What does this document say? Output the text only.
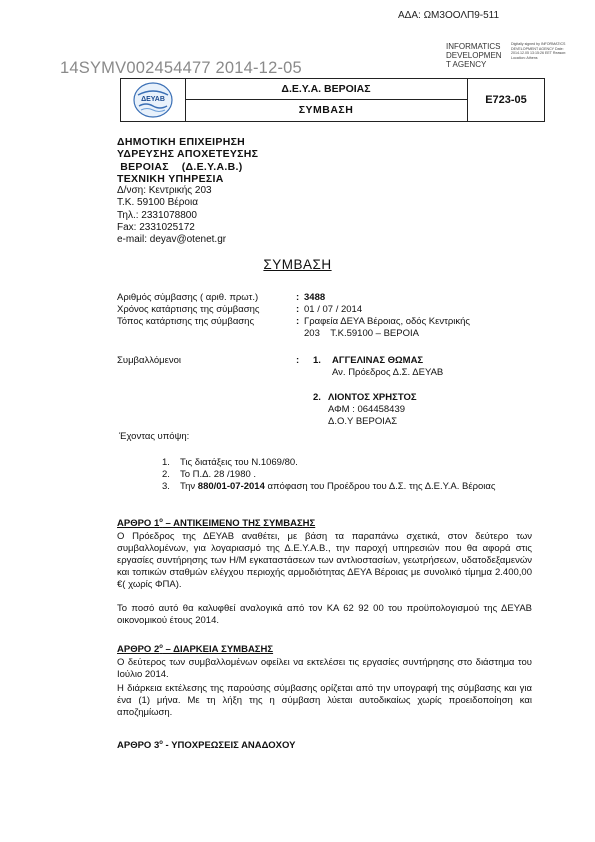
ΑΔΑ: ΩΜ3ΟΟΛΠ9-511
14SYMV002454477 2014-12-05
INFORMATICS DEVELOPMEN T AGENCY
Digitally signed by INFORMATICS DEVELOPMENT AGENCY Date: 2014.12.05 13:15:26 EET Reason: Location: Athens
ΔΕΥΑΒ
Δ.Ε.Υ.Α. ΒΕΡΟΙΑΣ
ΣΥΜΒΑΣΗ
Ε723-05
ΔΗΜΟΤΙΚΗ ΕΠΙΧΕΙΡΗΣΗ
ΥΔΡΕΥΣΗΣ ΑΠΟΧΕΤΕΥΣΗΣ
ΒΕΡΟΙΑΣ    (Δ.Ε.Υ.Α.Β.)
ΤΕΧΝΙΚΗ ΥΠΗΡΕΣΙΑ
Δ/νση: Κεντρικής 203
Τ.Κ. 59100 Βέροια
Τηλ.: 2331078800
Fax: 2331025172
e-mail: deyav@otenet.gr
ΣΥΜΒΑΣΗ
Αριθμός σύμβασης ( αριθ. πρωτ.)	: 3488
Χρόνος κατάρτισης της σύμβασης	: 01 / 07 / 2014
Τόπος κατάρτισης της σύμβασης	: Γραφεία ΔΕΥΑ Βέροιας, οδός Κεντρικής
203    Τ.Κ.59100 – ΒΕΡΟΙΑ
Συμβαλλόμενοι	: 1. ΑΓΓΕΛΙΝΑΣ ΘΩΜΑΣ
Αν. Πρόεδρος Δ.Σ. ΔΕΥΑΒ
2. ΛΙΟΝΤΟΣ ΧΡΗΣΤΟΣ
ΑΦΜ : 064458439
Δ.Ο.Υ ΒΕΡΟΙΑΣ
Έχοντας υπόψη:
1. Τις διατάξεις του Ν.1069/80.
2. Το Π.Δ. 28 /1980 .
3. Την 880/01-07-2014 απόφαση του Προέδρου του Δ.Σ. της Δ.Ε.Υ.Α. Βέροιας
ΑΡΘΡΟ $1^o$ – ΑΝΤΙΚΕΙΜΕΝΟ ΤΗΣ ΣΥΜΒΑΣΗΣ
Ο Πρόεδρος της ΔΕΥΑΒ αναθέτει, με βάση τα παραπάνω σχετικά, στον δεύτερο των συμβαλλομένων, για λογαριασμό της Δ.Ε.Υ.Α.Β., την παροχή υπηρεσιών που θα αφορά στις εργασίες συντήρησης των Η/Μ εγκαταστάσεων των αντλιοστασίων, γεωτρήσεων, υδατοδεξαμενών και τοπικών σταθμών ελέγχου περιοχής αρμοδιότητας ΔΕΥΑ Βέροιας με συνολικό τίμημα 2.400,00 €( χωρίς ΦΠΑ).
Το ποσό αυτό θα καλυφθεί αναλογικά από τον ΚΑ 62 92 00 του προϋπολογισμού της ΔΕΥΑΒ οικονομικού έτους 2014.
ΑΡΘΡΟ $2^o$ – ΔΙΑΡΚΕΙΑ ΣΥΜΒΑΣΗΣ
Ο δεύτερος των συμβαλλομένων οφείλει να εκτελέσει τις εργασίες συντήρησης στο διάστημα του Ιούλιο 2014.
Η διάρκεια εκτέλεσης της παρούσης σύμβασης ορίζεται από την υπογραφή της σύμβασης και για ένα (1) μήνα. Με τη λήξη της η σύμβαση λύεται αυτοδικαίως χωρίς προειδοποίηση και αποζημίωση.
ΑΡΘΡΟ $3^o$ - ΥΠΟΧΡΕΩΣΕΙΣ ΑΝΑΔΟΧΟΥ
